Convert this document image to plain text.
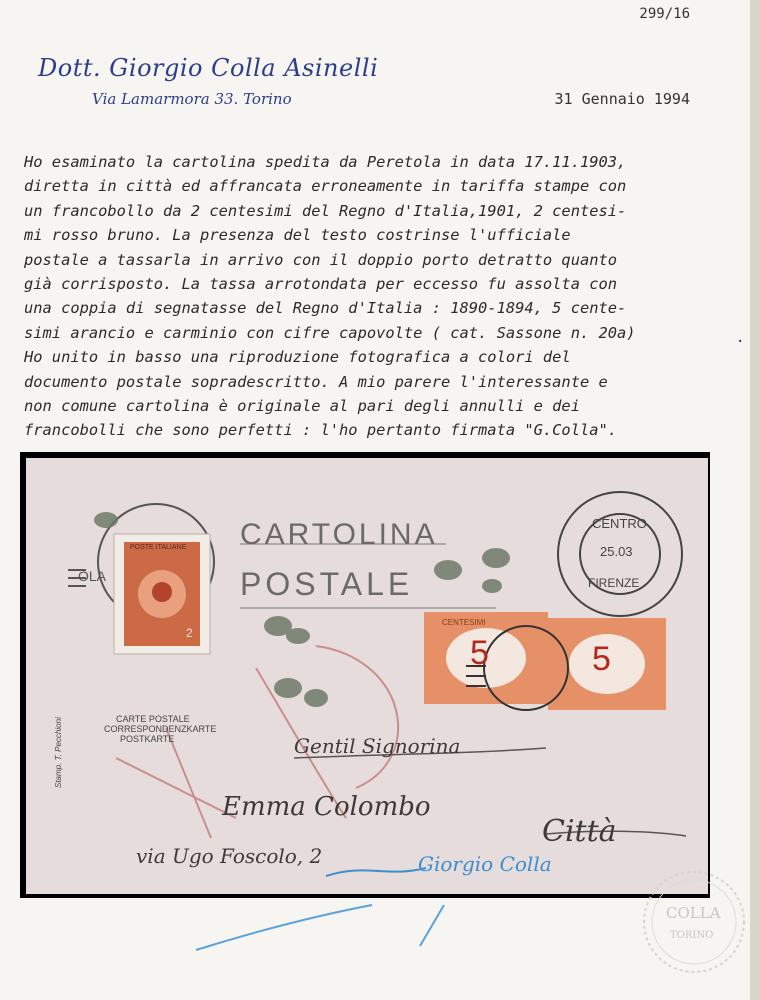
299/16
Dott. Giorgio Colla Asinelli
Via Lamarmora 33. Torino	31 Gennaio 1994
Ho esaminato la cartolina spedita da Peretola in data 17.11.1903,
diretta in città ed affrancata erroneamente in tariffa stampe con
un francobollo da 2 centesimi del Regno d'Italia,1901, 2 centesi-
mi rosso bruno. La presenza del testo costrinse l'ufficiale
postale a tassarla in arrivo con il doppio porto detratto quanto
già corrisposto. La tassa arrotondata per eccesso fu assolta con
una coppia di segnatasse del Regno d'Italia : 1890-1894, 5 cente-
simi arancio e carminio con cifre capovolte ( cat. Sassone n. 20a)
Ho unito in basso una riproduzione fotografica a colori del
documento postale sopradescritto. A mio parere l'interessante e
non comune cartolina è originale al pari degli annulli e dei
francobolli che sono perfetti : l'ho pertanto firmata "G.Colla".
.
CARTOLINA
POSTALE
POSTE ITALIANE
2
5	5
CENTESIMI
OLA
CENTRO
25.03
FIRENZE
CARTE POSTALE
CORRESPONDENZKARTE
POSTKARTE
Stamp. T. Pecchioni	Gentil Signorina
Emma Colombo
via Ugo Foscolo, 2
Città
Giorgio Colla
COLLA
TORINO
